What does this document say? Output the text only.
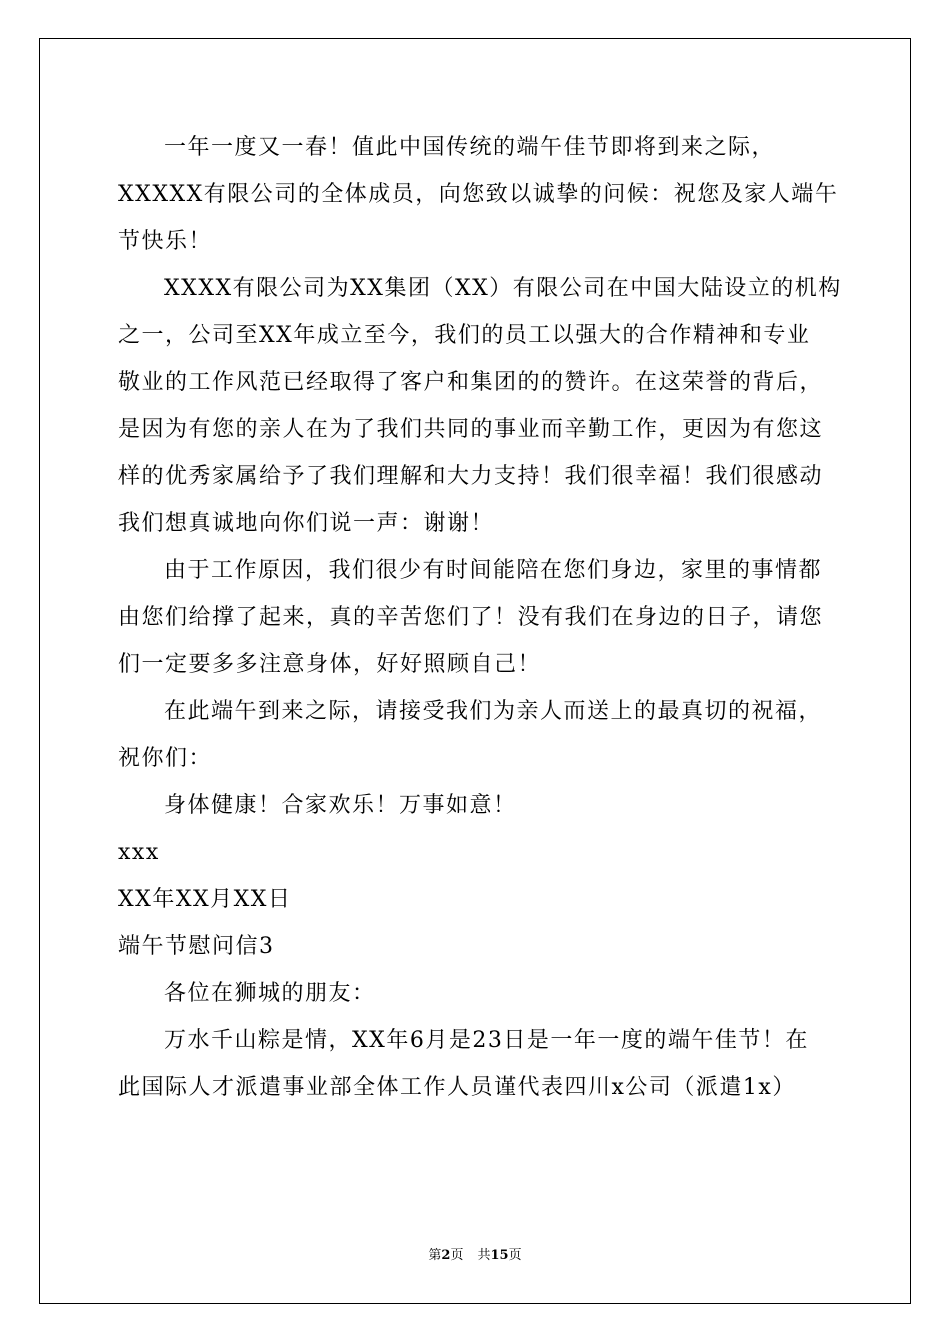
一年一度又一春！值此中国传统的端午佳节即将到来之际，
XXXXX有限公司的全体成员，向您致以诚挚的问候：祝您及家人端午
节快乐！
XXXX有限公司为XX集团（XX）有限公司在中国大陆设立的机构
之一，公司至XX年成立至今，我们的员工以强大的合作精神和专业
敬业的工作风范已经取得了客户和集团的的赞许。在这荣誉的背后，
是因为有您的亲人在为了我们共同的事业而辛勤工作，更因为有您这
样的优秀家属给予了我们理解和大力支持！我们很幸福！我们很感动
我们想真诚地向你们说一声：谢谢！
由于工作原因，我们很少有时间能陪在您们身边，家里的事情都
由您们给撑了起来，真的辛苦您们了！没有我们在身边的日子，请您
们一定要多多注意身体，好好照顾自己！
在此端午到来之际，请接受我们为亲人而送上的最真切的祝福，
祝你们：
身体健康！合家欢乐！万事如意！
xxx
XX年XX月XX日
端午节慰问信3
各位在狮城的朋友：
万水千山粽是情，XX年6月是23日是一年一度的端午佳节！在
此国际人才派遣事业部全体工作人员谨代表四川x公司（派遣1x）
第2页 共15页
